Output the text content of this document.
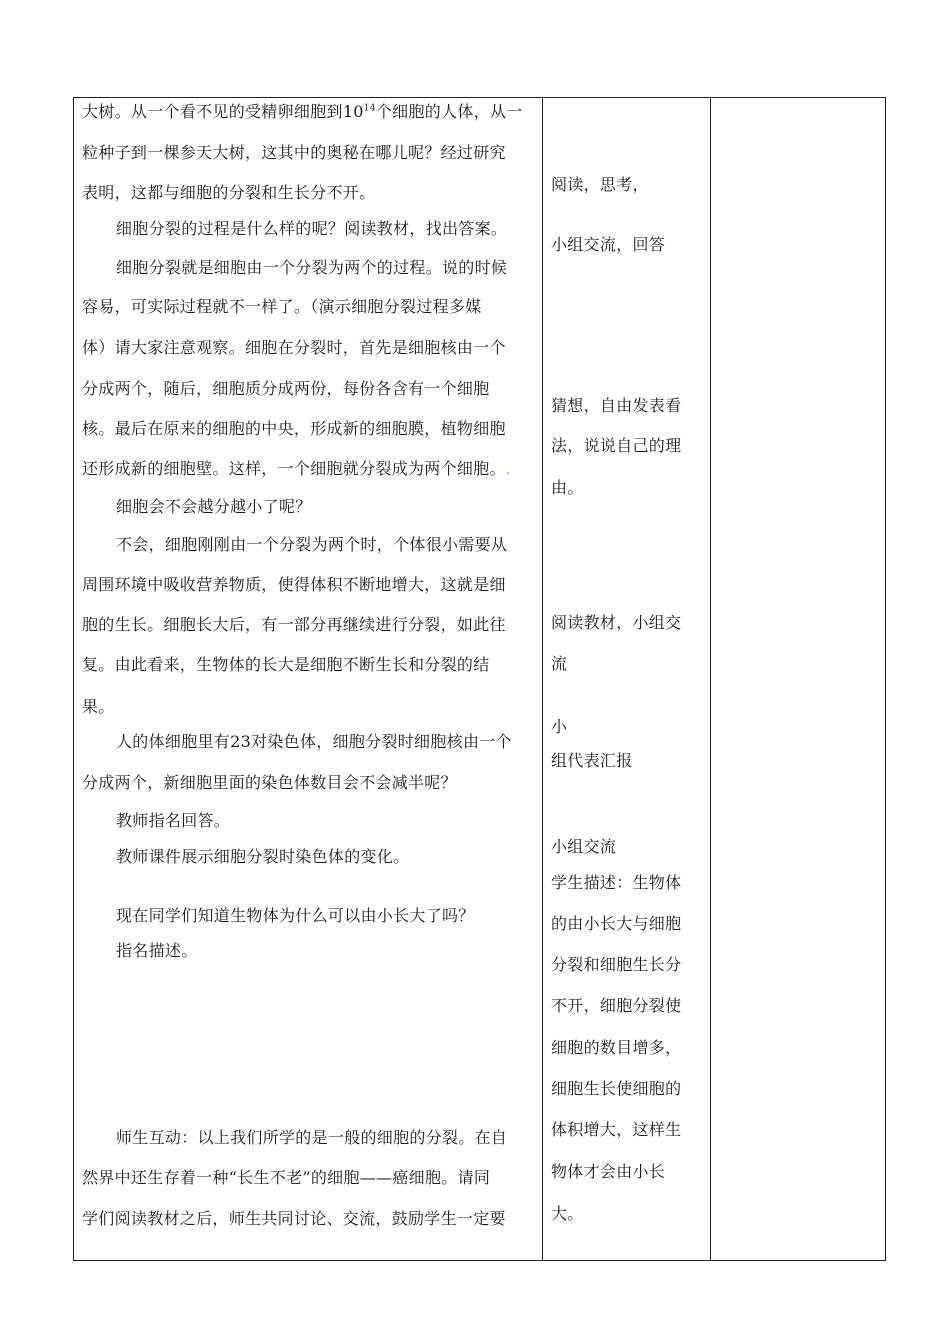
大树。从一个看不见的受精卵细胞到$10^{14}$个细胞的人体，从一
粒种子到一棵参天大树，这其中的奥秘在哪儿呢？经过研究
表明，这都与细胞的分裂和生长分不开。
细胞分裂的过程是什么样的呢？阅读教材，找出答案。
细胞分裂就是细胞由一个分裂为两个的过程。说的时候
容易，可实际过程就不一样了。（演示细胞分裂过程多媒
体）请大家注意观察。细胞在分裂时，首先是细胞核由一个
分成两个，随后，细胞质分成两份，每份各含有一个细胞
核。最后在原来的细胞的中央，形成新的细胞膜，植物细胞
还形成新的细胞壁。这样，一个细胞就分裂成为两个细胞。.
细胞会不会越分越小了呢？
不会，细胞刚刚由一个分裂为两个时，个体很小需要从
周围环境中吸收营养物质，使得体积不断地增大，这就是细
胞的生长。细胞长大后，有一部分再继续进行分裂，如此往
复。由此看来，生物体的长大是细胞不断生长和分裂的结
果。
人的体细胞里有23对染色体，细胞分裂时细胞核由一个
分成两个，新细胞里面的染色体数目会不会减半呢？
教师指名回答。
教师课件展示细胞分裂时染色体的变化。
现在同学们知道生物体为什么可以由小长大了吗？
指名描述。
师生互动：以上我们所学的是一般的细胞的分裂。在自
然界中还生存着一种“长生不老”的细胞——癌细胞。请同
学们阅读教材之后，师生共同讨论、交流，鼓励学生一定要
阅读，思考，
小组交流，回答
猜想，自由发表看
法，说说自己的理
由。
阅读教材，小组交
流
小
组代表汇报
小组交流
学生描述：生物体
的由小长大与细胞
分裂和细胞生长分
不开，细胞分裂使
细胞的数目增多，
细胞生长使细胞的
体积增大，这样生
物体才会由小长
大。
